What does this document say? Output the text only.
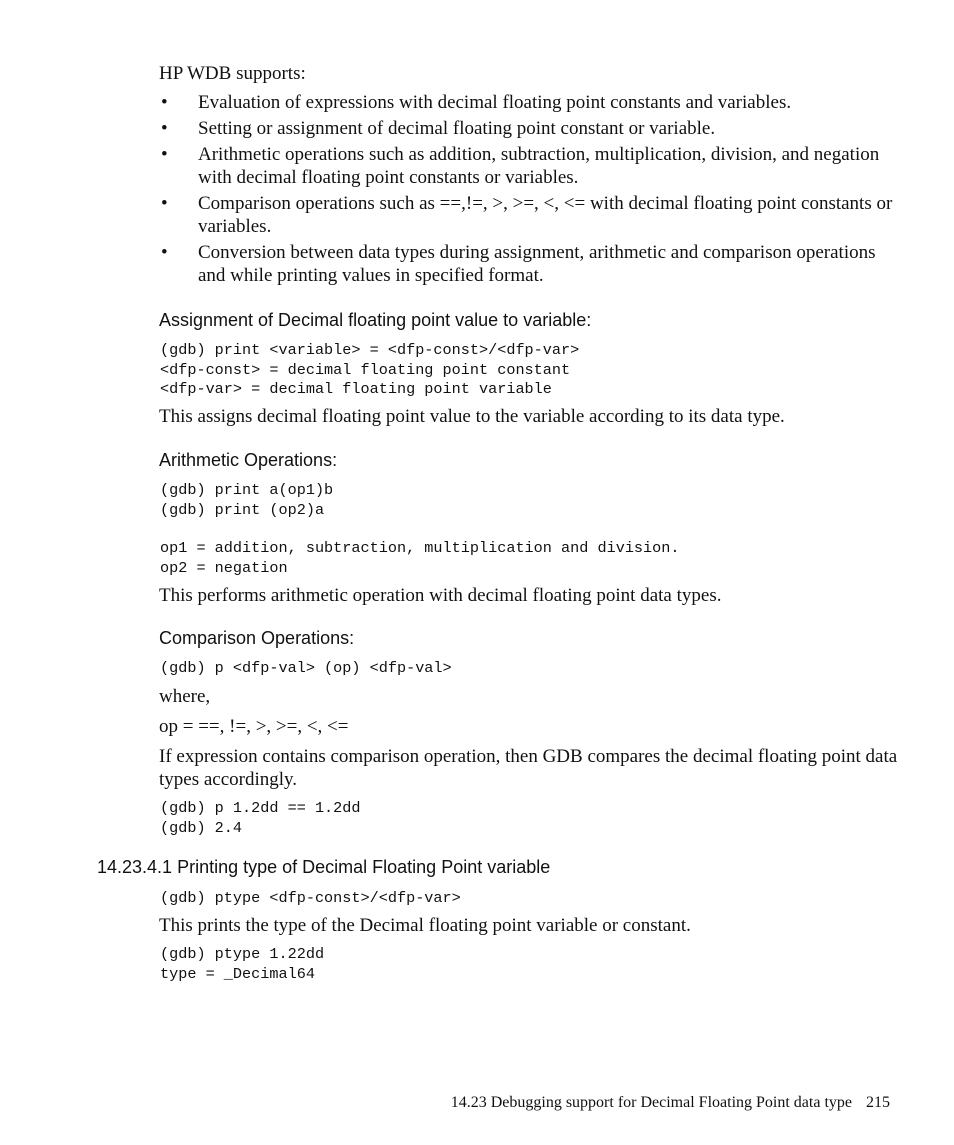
HP WDB supports:

• Evaluation of expressions with decimal floating point constants and variables.
• Setting or assignment of decimal floating point constant or variable.
• Arithmetic operations such as addition, subtraction, multiplication, division, and negation with decimal floating point constants or variables.
• Comparison operations such as ==,!=, >, >=, <, <= with decimal floating point constants or variables.
• Conversion between data types during assignment, arithmetic and comparison operations and while printing values in specified format.
Assignment of Decimal floating point value to variable:
(gdb) print <variable> = <dfp-const>/<dfp-var>
<dfp-const> = decimal floating point constant
<dfp-var> = decimal floating point variable

This assigns decimal floating point value to the variable according to its data type.

Arithmetic Operations:
(gdb) print a(op1)b
(gdb) print (op2)a
op1 = addition, subtraction, multiplication and division.
op2 = negation

This performs arithmetic operation with decimal floating point data types.

Comparison Operations:
(gdb) p <dfp-val> (op) <dfp-val>

where,

op = ==, !=, >, >=, <, <=

If expression contains comparison operation, then GDB compares the decimal floating point data types accordingly.

(gdb) p 1.2dd == 1.2dd
(gdb) 2.4
14.23.4.1 Printing type of Decimal Floating Point variable
(gdb) ptype <dfp-const>/<dfp-var>

This prints the type of the Decimal floating point variable or constant.

(gdb) ptype 1.22dd
type = _Decimal64
14.23 Debugging support for Decimal Floating Point data type 215
